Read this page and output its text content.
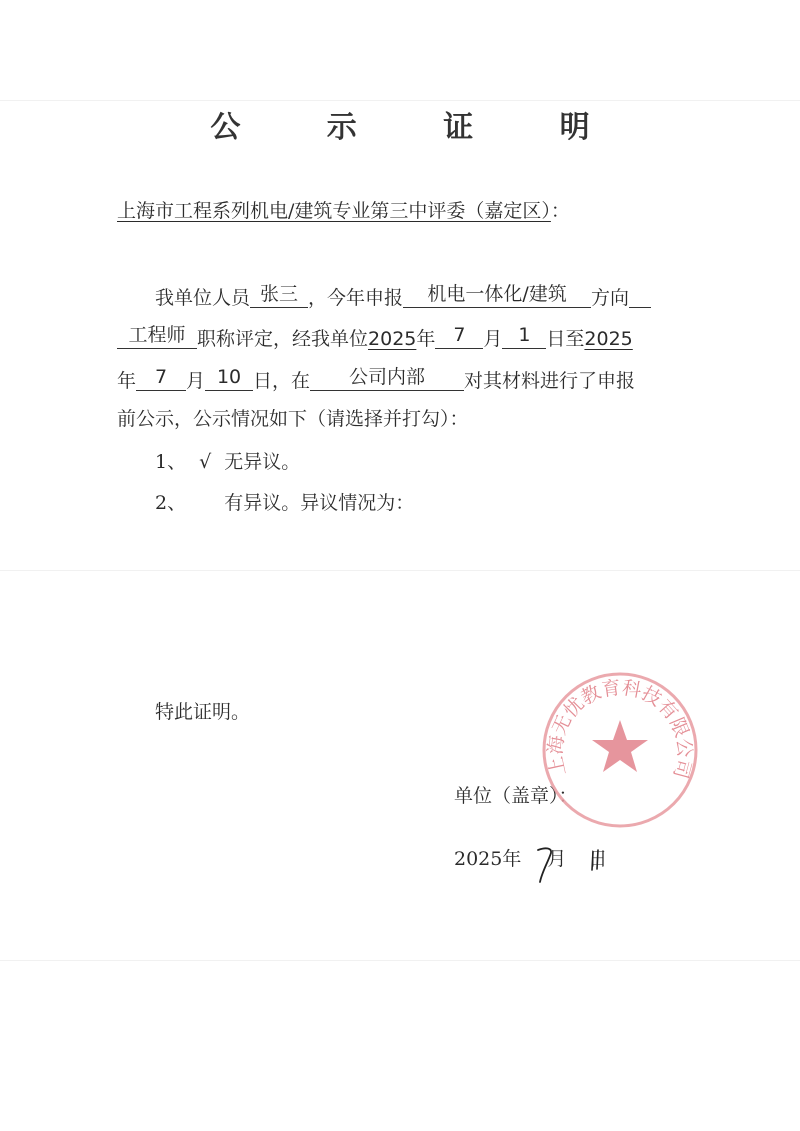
公 示 证 明
上海市工程系列机电/建筑专业第三中评委（嘉定区）：
我单位人员 张三 ，今年申报 机电一体化/建筑 方向
工程师 职称评定，经我单位2025年 7 月 1 日至2025
年 7 月 10 日，在 公司内部 对其材料进行了申报
前公示，公示情况如下（请选择并打勾）：
1、 √ 无异议。
2、 有异议。异议情况为：
特此证明。
单位（盖章）：
2025年 月 日
上海无忧教育科技有限公司
